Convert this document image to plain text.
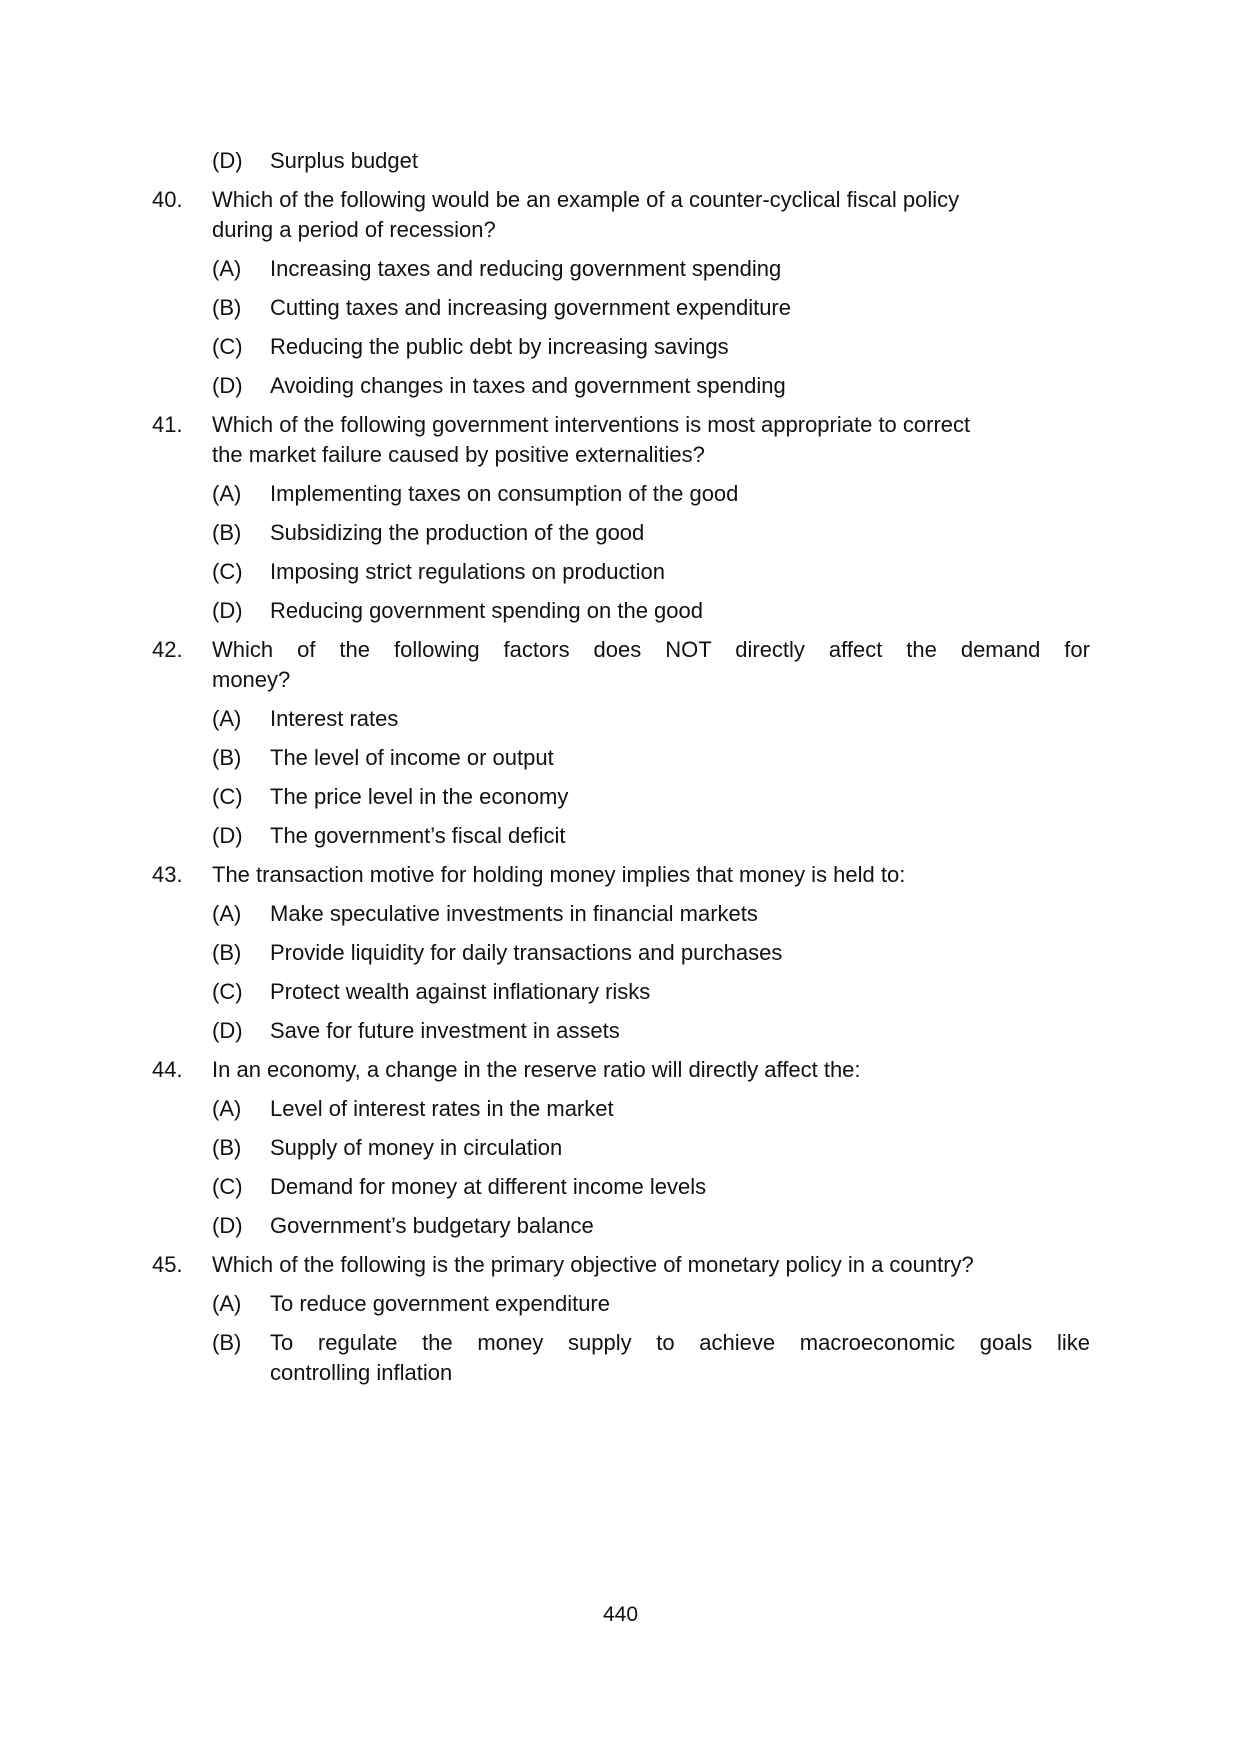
(D)	Surplus budget
40.	Which of the following would be an example of a counter-cyclical fiscal policy
during a period of recession?
(A)	Increasing taxes and reducing government spending
(B)	Cutting taxes and increasing government expenditure
(C)	Reducing the public debt by increasing savings
(D)	Avoiding changes in taxes and government spending
41.	Which of the following government interventions is most appropriate to correct
the market failure caused by positive externalities?
(A)	Implementing taxes on consumption of the good
(B)	Subsidizing the production of the good
(C)	Imposing strict regulations on production
(D)	Reducing government spending on the good
42.	Which of the following factors does NOT directly affect the demand for
money?
(A)	Interest rates
(B)	The level of income or output
(C)	The price level in the economy
(D)	The government’s fiscal deficit
43.	The transaction motive for holding money implies that money is held to:
(A)	Make speculative investments in financial markets
(B)	Provide liquidity for daily transactions and purchases
(C)	Protect wealth against inflationary risks
(D)	Save for future investment in assets
44.	In an economy, a change in the reserve ratio will directly affect the:
(A)	Level of interest rates in the market
(B)	Supply of money in circulation
(C)	Demand for money at different income levels
(D)	Government’s budgetary balance
45.	Which of the following is the primary objective of monetary policy in a country?
(A)	To reduce government expenditure
(B)	To regulate the money supply to achieve macroeconomic goals like
controlling inflation
440
